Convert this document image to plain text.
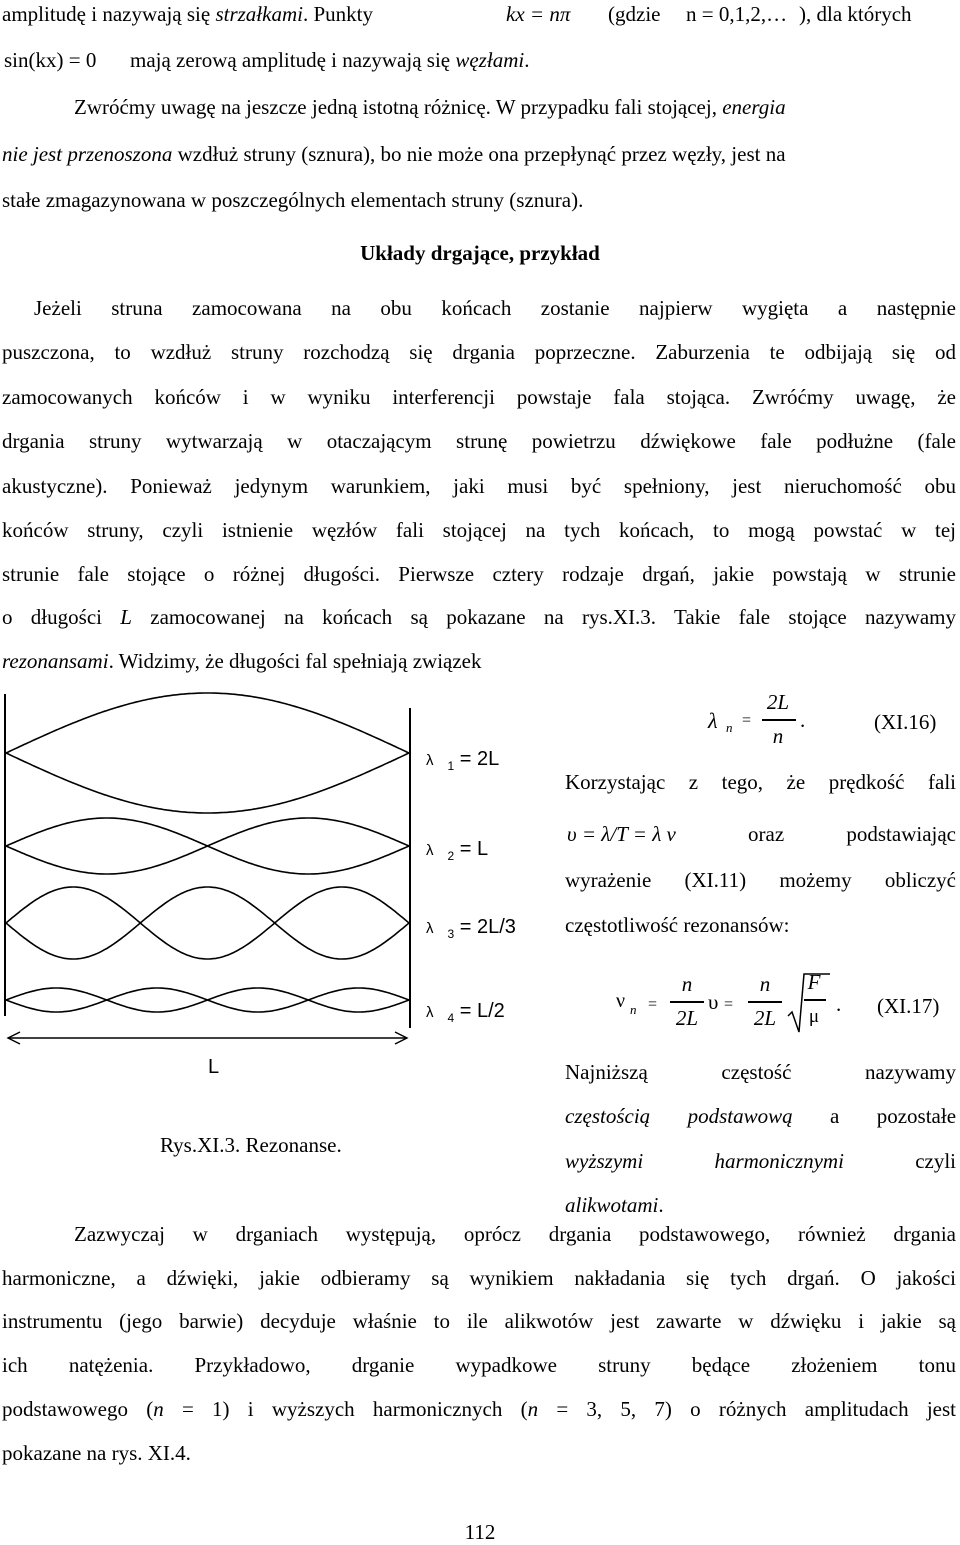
amplitudę i nazywają się strzałkami. Punkty	kx = nπ (gdzie n = 0,1,2,… ), dla których
sin(kx) = 0 mają zerową amplitudę i nazywają się węzłami.
Zwróćmy uwagę na jeszcze jedną istotną różnicę. W przypadku fali stojącej, energia
nie jest przenoszona wzdłuż struny (sznura), bo nie może ona przepłynąć przez węzły, jest na
stałe zmagazynowana w poszczególnych elementach struny (sznura).
Układy drgające, przykład
Jeżeli struna zamocowana na obu końcach zostanie najpierw wygięta a następnie
puszczona, to wzdłuż struny rozchodzą się drgania poprzeczne. Zaburzenia te odbijają się od
zamocowanych końców i w wyniku interferencji powstaje fala stojąca. Zwróćmy uwagę, że
drgania struny wytwarzają w otaczającym strunę powietrzu dźwiękowe fale podłużne (fale
akustyczne). Ponieważ jedynym warunkiem, jaki musi być spełniony, jest nieruchomość obu
końców struny, czyli istnienie węzłów fali stojącej na tych końcach, to mogą powstać w tej
strunie fale stojące o różnej długości. Pierwsze cztery rodzaje drgań, jakie powstają w strunie
o długości L zamocowanej na końcach są pokazane na rys.XI.3. Takie fale stojące nazywamy
rezonansami. Widzimy, że długości fal spełniają związek
λ $_1$ = 2L
λ $_2$ = L
λ $_3$ = 2L/3
λ $_4$ = L/2
L
Rys.XI.3. Rezonanse.
λ n =
2L
n
.	(XI.16)
Korzystając z tego, że prędkość fali
υ = λ/T = λ ν	oraz podstawiając
wyrażenie (XI.11) możemy obliczyć
częstotliwość rezonansów:
ν n =
n
2L
υ =
n
2L
F
μ
. (XI.17)
Najniższą częstość nazywamy
częstością podstawową a pozostałe
wyższymi	harmonicznymi	czyli
alikwotami.
Zazwyczaj w drganiach występują, oprócz drgania podstawowego, również drgania
harmoniczne, a dźwięki, jakie odbieramy są wynikiem nakładania się tych drgań. O jakości
instrumentu (jego barwie) decyduje właśnie to ile alikwotów jest zawarte w dźwięku i jakie są
ich natężenia. Przykładowo, drganie wypadkowe struny będące złożeniem tonu
podstawowego (n = 1) i wyższych harmonicznych (n = 3, 5, 7) o różnych amplitudach jest
pokazane na rys. XI.4.
112
